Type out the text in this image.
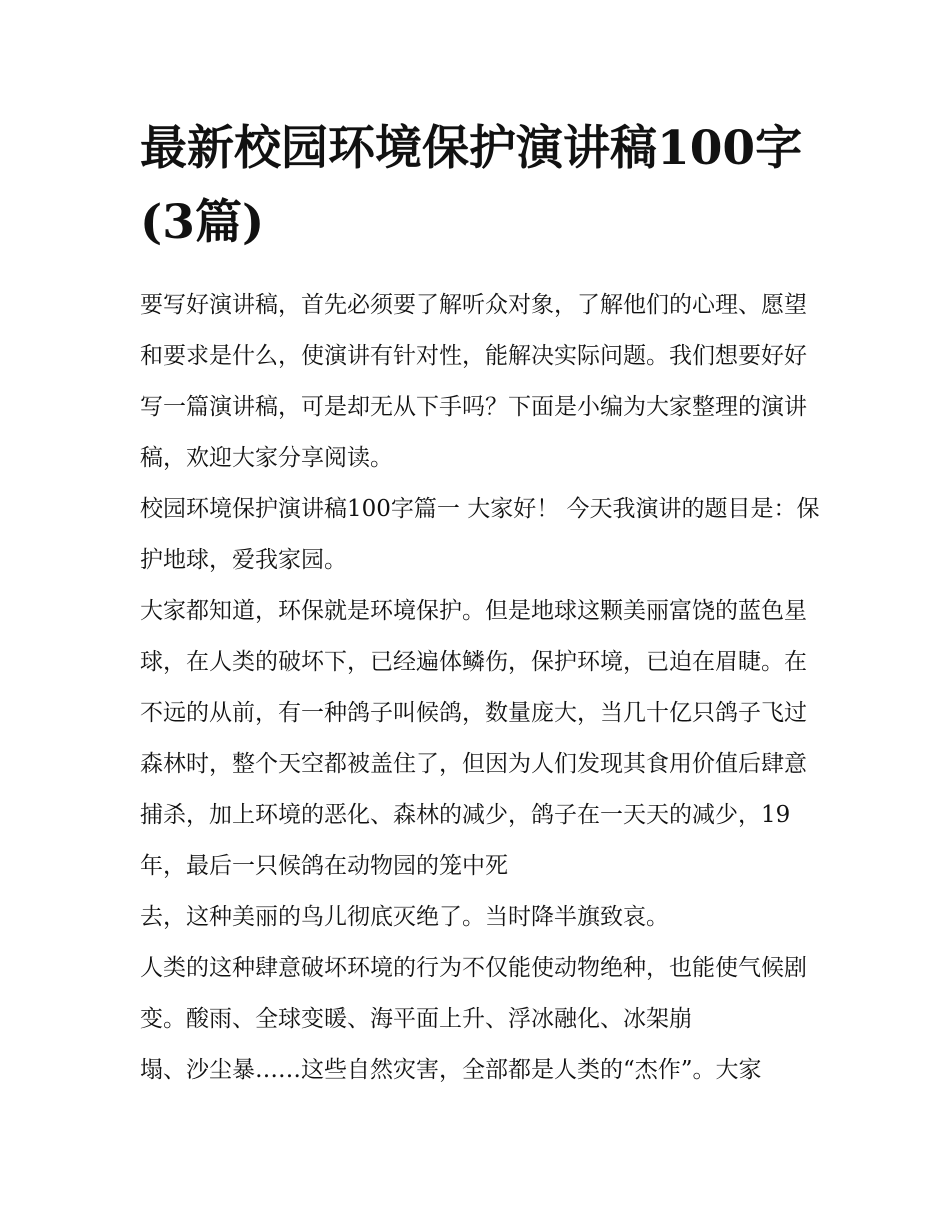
最新校园环境保护演讲稿100字(3篇)

要写好演讲稿，首先必须要了解听众对象，了解他们的心理、愿望和要求是什么，使演讲有针对性，能解决实际问题。我们想要好好写一篇演讲稿，可是却无从下手吗？下面是小编为大家整理的演讲稿，欢迎大家分享阅读。

校园环境保护演讲稿100字篇一 大家好！ 今天我演讲的题目是：保护地球，爱我家园。

大家都知道，环保就是环境保护。但是地球这颗美丽富饶的蓝色星球，在人类的破坏下，已经遍体鳞伤，保护环境，已迫在眉睫。在不远的从前，有一种鸽子叫候鸽，数量庞大，当几十亿只鸽子飞过森林时，整个天空都被盖住了，但因为人们发现其食用价值后肆意捕杀，加上环境的恶化、森林的减少，鸽子在一天天的减少，19年，最后一只候鸽在动物园的笼中死
去，这种美丽的鸟儿彻底灭绝了。当时降半旗致哀。

人类的这种肆意破坏环境的行为不仅能使动物绝种，也能使气候剧变。酸雨、全球变暖、海平面上升、浮冰融化、冰架崩
塌、沙尘暴……这些自然灾害，全部都是人类的“杰作”。大家
